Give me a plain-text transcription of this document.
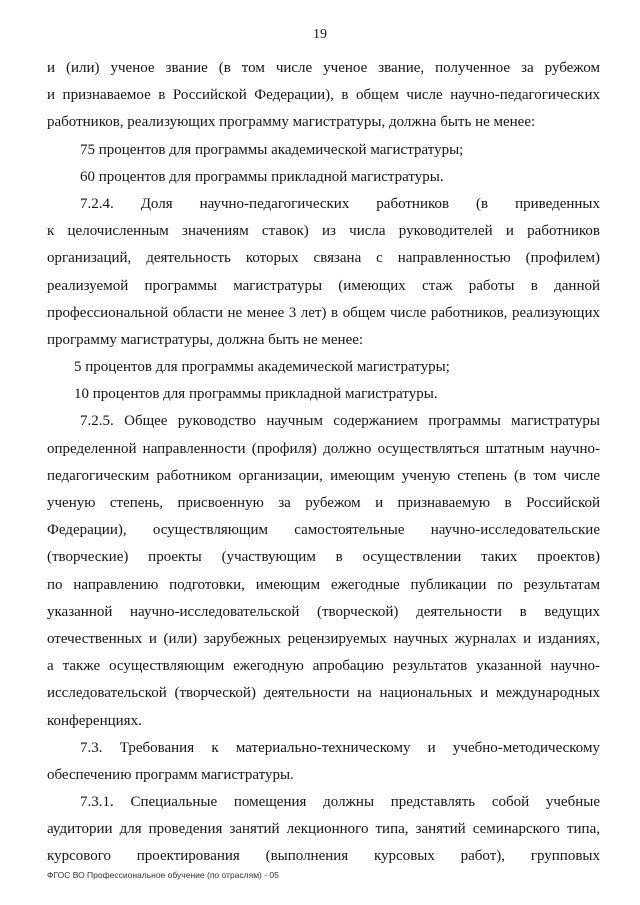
19
и (или) ученое звание (в том числе ученое звание, полученное за рубежом
и признаваемое в Российской Федерации), в общем числе научно-педагогических
работников, реализующих программу магистратуры, должна быть не менее:
75 процентов для программы академической магистратуры;
60 процентов для программы прикладной магистратуры.
7.2.4. Доля научно-педагогических работников (в приведенных
к целочисленным значениям ставок) из числа руководителей и работников
организаций, деятельность которых связана с направленностью (профилем)
реализуемой программы магистратуры (имеющих стаж работы в данной
профессиональной области не менее 3 лет) в общем числе работников, реализующих
программу магистратуры, должна быть не менее:
5 процентов для программы академической магистратуры;
10 процентов для программы прикладной магистратуры.
7.2.5. Общее руководство научным содержанием программы магистратуры
определенной направленности (профиля) должно осуществляться штатным научно-
педагогическим работником организации, имеющим ученую степень (в том числе
ученую степень, присвоенную за рубежом и признаваемую в Российской
Федерации), осуществляющим самостоятельные научно-исследовательские
(творческие) проекты (участвующим в осуществлении таких проектов)
по направлению подготовки, имеющим ежегодные публикации по результатам
указанной научно-исследовательской (творческой) деятельности в ведущих
отечественных и (или) зарубежных рецензируемых научных журналах и изданиях,
а также осуществляющим ежегодную апробацию результатов указанной научно-
исследовательской (творческой) деятельности на национальных и международных
конференциях.
7.3. Требования к материально-техническому и учебно-методическому
обеспечению программ магистратуры.
7.3.1. Специальные помещения должны представлять собой учебные
аудитории для проведения занятий лекционного типа, занятий семинарского типа,
курсового проектирования (выполнения курсовых работ), групповых
ФГОС ВО Профессиональное обучение (по отраслям) - 05
